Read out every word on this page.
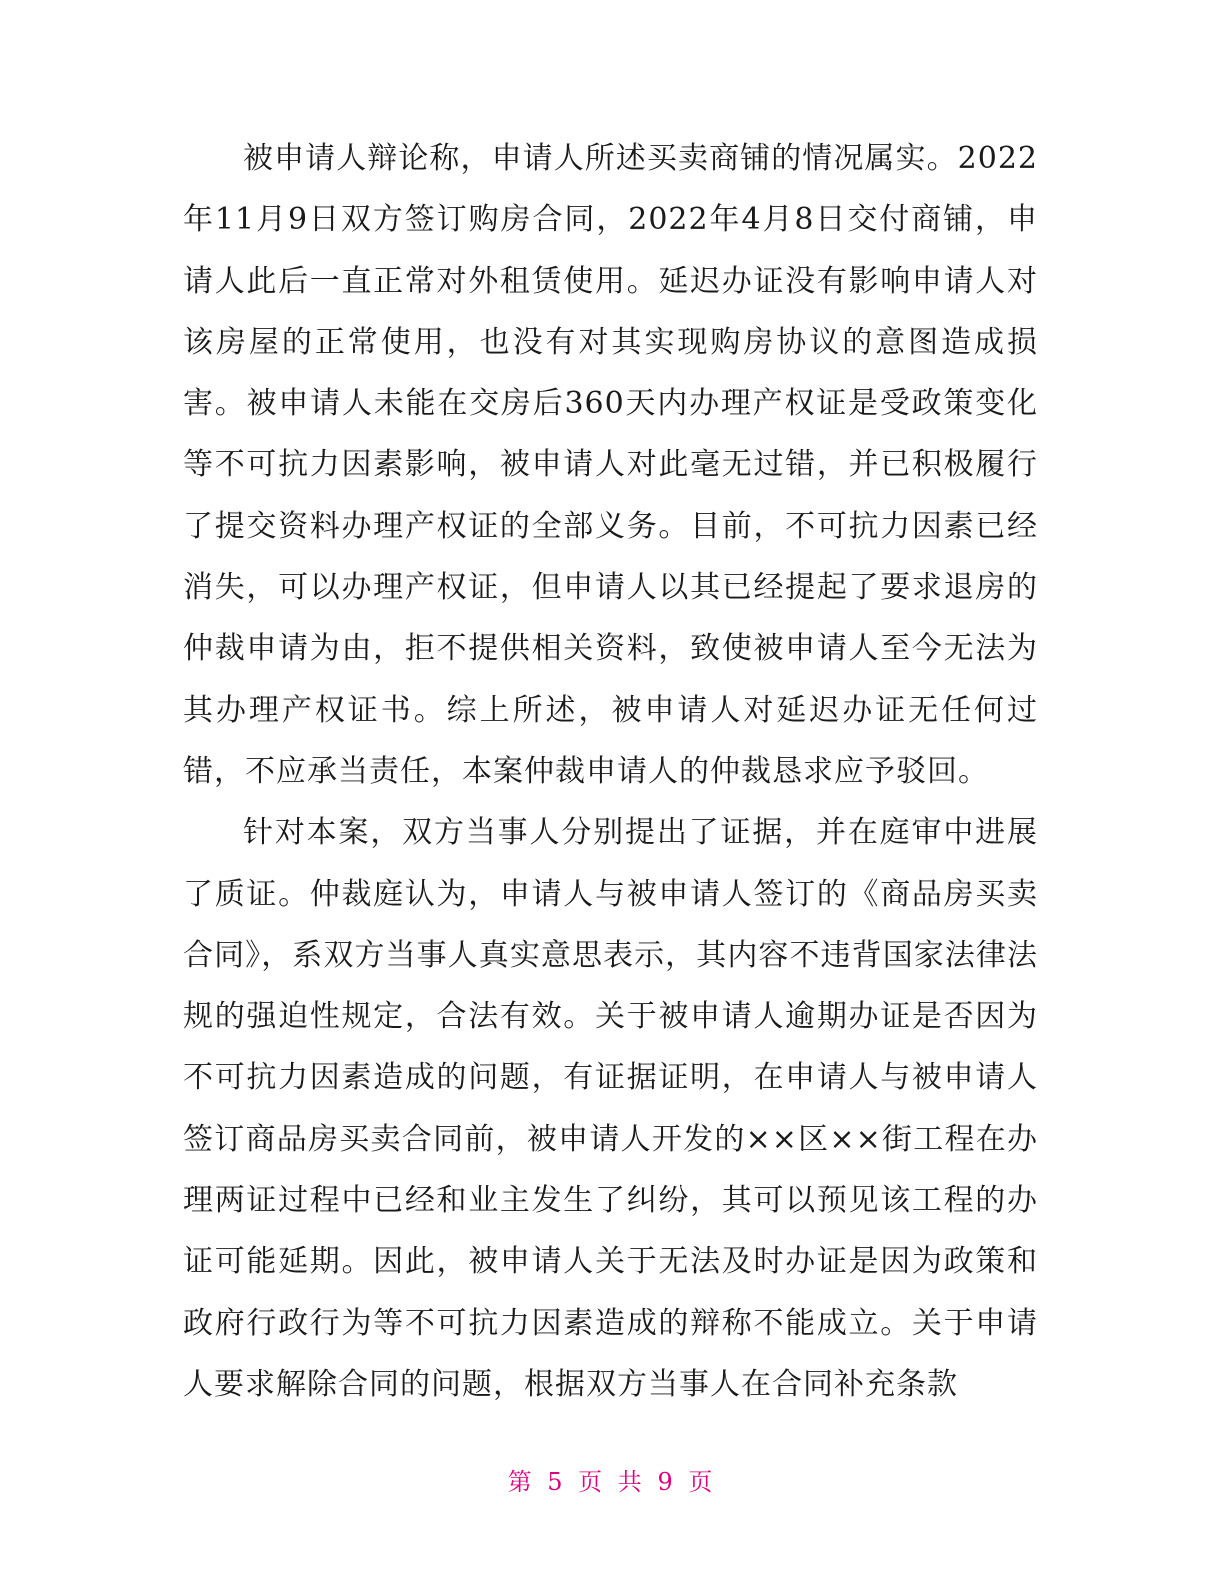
被申请人辩论称，申请人所述买卖商铺的情况属实。2022年11月9日双方签订购房合同，2022年4月8日交付商铺，申请人此后一直正常对外租赁使用。延迟办证没有影响申请人对该房屋的正常使用，也没有对其实现购房协议的意图造成损害。被申请人未能在交房后360天内办理产权证是受政策变化等不可抗力因素影响，被申请人对此毫无过错，并已积极履行了提交资料办理产权证的全部义务。目前，不可抗力因素已经消失，可以办理产权证，但申请人以其已经提起了要求退房的仲裁申请为由，拒不提供相关资料，致使被申请人至今无法为其办理产权证书。综上所述，被申请人对延迟办证无任何过错，不应承当责任，本案仲裁申请人的仲裁恳求应予驳回。

针对本案，双方当事人分别提出了证据，并在庭审中进展了质证。仲裁庭认为，申请人与被申请人签订的《商品房买卖合同》，系双方当事人真实意思表示，其内容不违背国家法律法规的强迫性规定，合法有效。关于被申请人逾期办证是否因为不可抗力因素造成的问题，有证据证明，在申请人与被申请人签订商品房买卖合同前，被申请人开发的××区××街工程在办理两证过程中已经和业主发生了纠纷，其可以预见该工程的办证可能延期。因此，被申请人关于无法及时办证是因为政策和政府行政行为等不可抗力因素造成的辩称不能成立。关于申请人要求解除合同的问题，根据双方当事人在合同补充条款

第 5 页 共 9 页
